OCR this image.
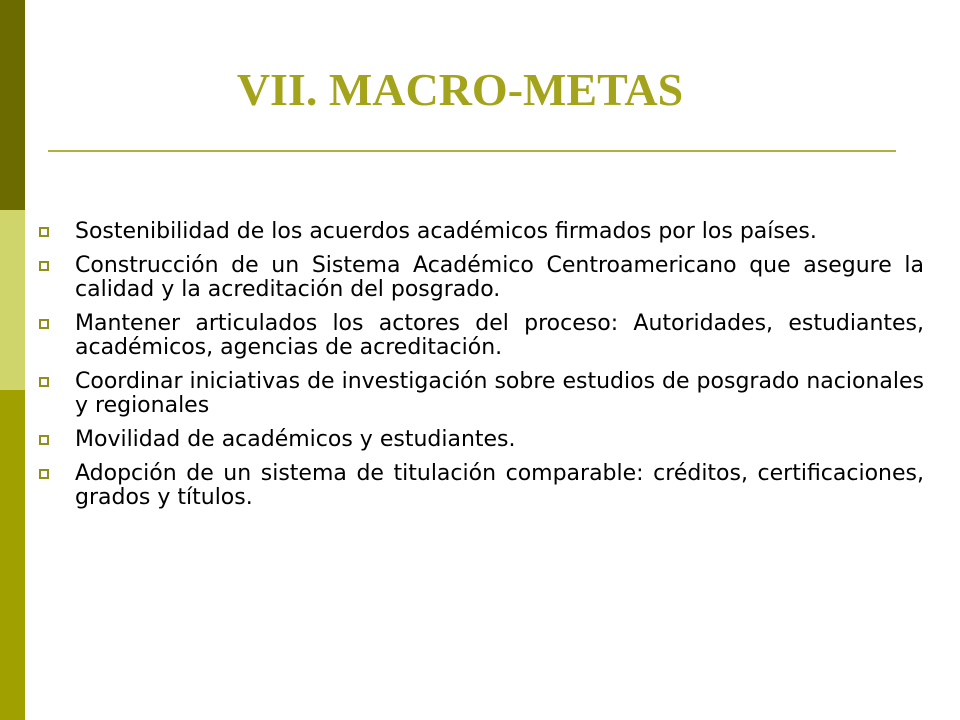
VII. MACRO-METAS
Sostenibilidad de los acuerdos académicos firmados por los países.
Construcción de un Sistema Académico Centroamericano que asegure la calidad y la acreditación del posgrado.
Mantener articulados los actores del proceso: Autoridades, estudiantes, académicos, agencias de acreditación.
Coordinar iniciativas de investigación sobre estudios de posgrado nacionales y regionales
Movilidad de académicos y estudiantes.
Adopción de un sistema de titulación comparable: créditos, certificaciones, grados y títulos.
